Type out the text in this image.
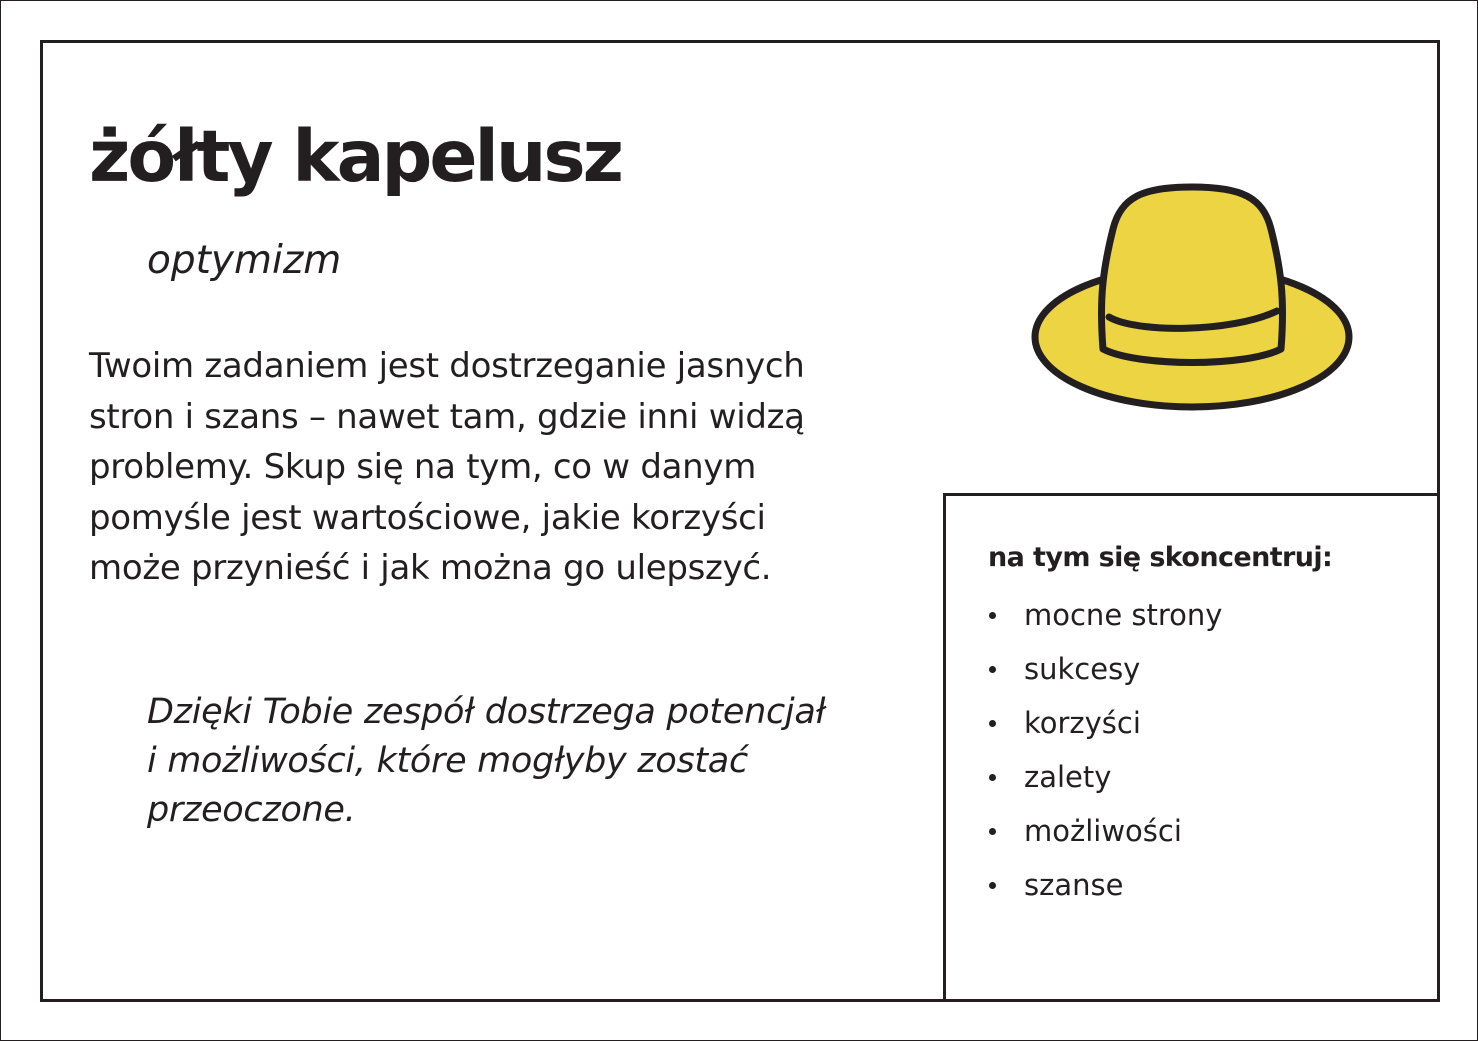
żółty kapelusz

optymizm

Twoim zadaniem jest dostrzeganie jasnych stron i szans – nawet tam, gdzie inni widzą problemy. Skup się na tym, co w danym pomyśle jest wartościowe, jakie korzyści może przynieść i jak można go ulepszyć.

Dzięki Tobie zespół dostrzega potencjał i możliwości, które mogłyby zostać przeoczone.

na tym się skoncentruj:

mocne strony
sukcesy
korzyści
zalety
możliwości
szanse
